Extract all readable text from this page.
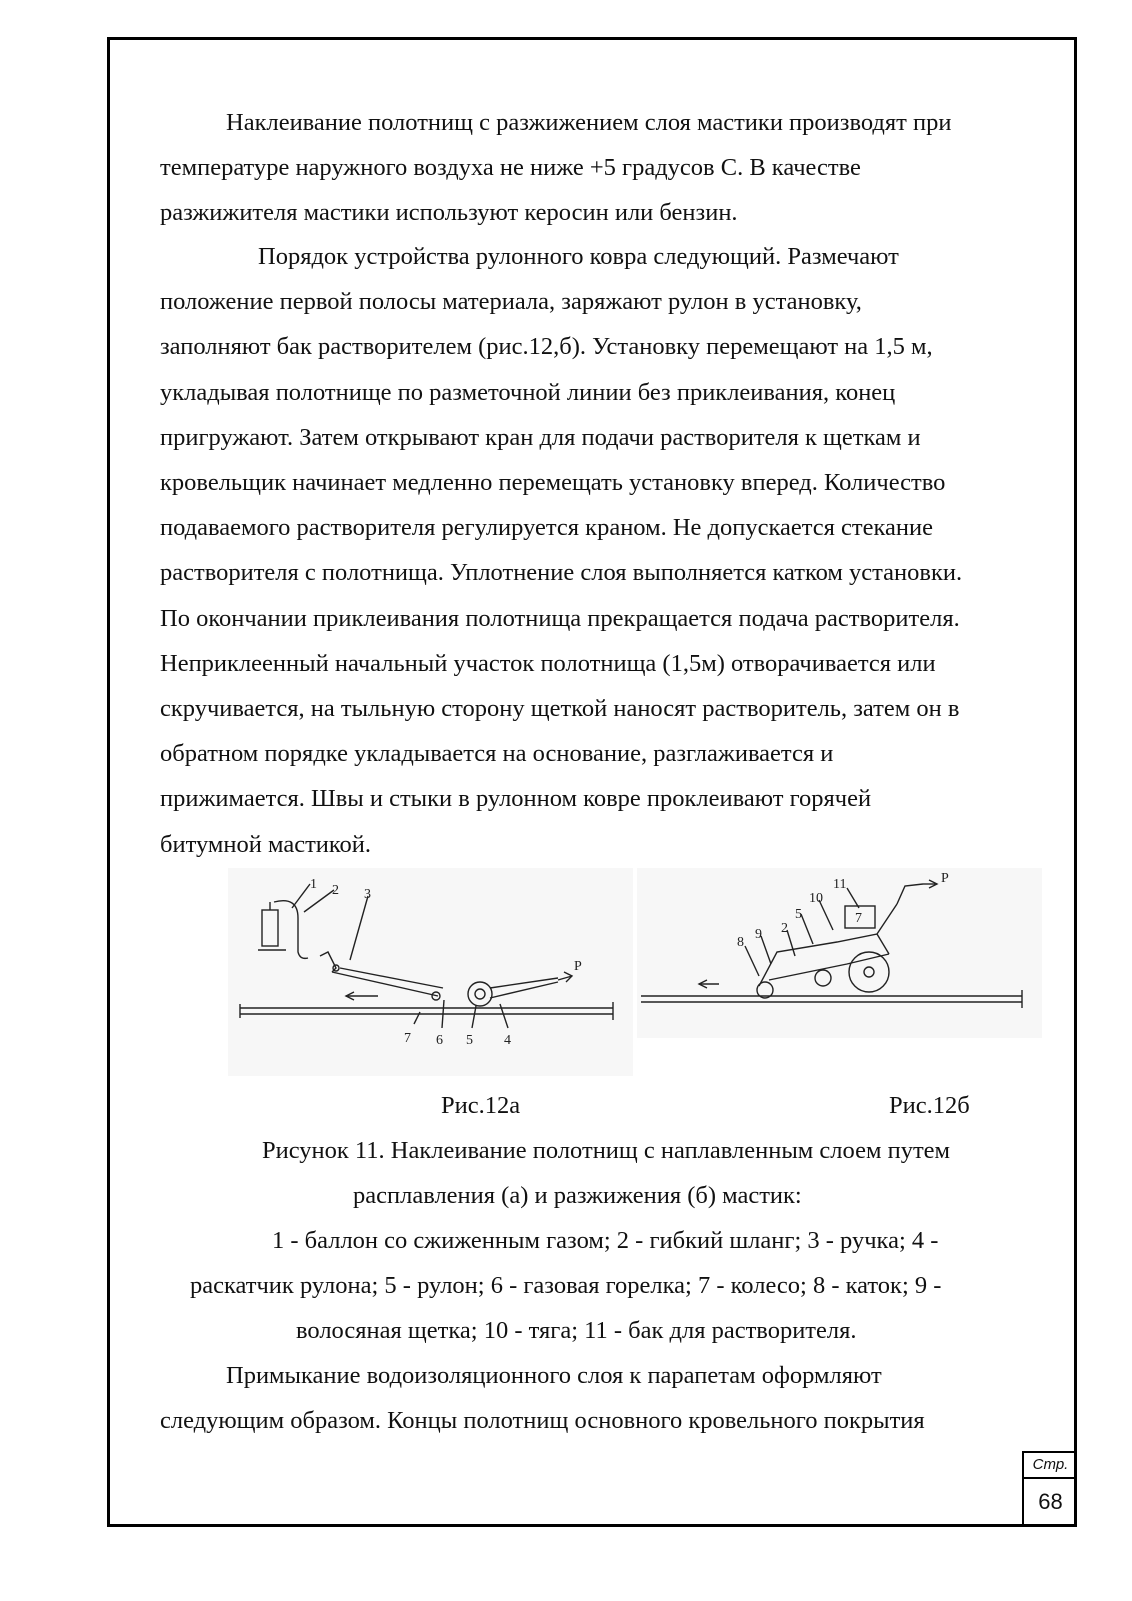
Наклеивание полотнищ с разжижением слоя мастики производят при
температуре наружного воздуха не ниже +5 градусов С. В качестве
разжижителя мастики используют керосин или бензин.
Порядок устройства рулонного ковра следующий. Размечают
положение первой полосы материала, заряжают рулон в установку,
заполняют бак растворителем (рис.12,б). Установку перемещают на 1,5 м,
укладывая полотнище по разметочной линии без приклеивания, конец
пригружают. Затем открывают кран для подачи растворителя к щеткам и
кровельщик начинает медленно перемещать установку вперед. Количество
подаваемого растворителя регулируется краном. Не допускается стекание
растворителя с полотнища. Уплотнение слоя выполняется катком установки.
По окончании приклеивания полотнища прекращается подача растворителя.
Неприклеенный начальный участок полотнища (1,5м) отворачивается или
скручивается, на тыльную сторону щеткой наносят растворитель, затем он в
обратном порядке укладывается на основание, разглаживается и
прижимается. Швы и стыки в рулонном ковре проклеивают горячей
битумной мастикой.
1 2 3
7 6 5 4
P
11
10
5
2
9
8
7
P
Рис.12а	Рис.12б
Рисунок 11. Наклеивание полотнищ с наплавленным слоем путем
расплавления (а) и разжижения (б) мастик:
1 - баллон со сжиженным газом; 2 - гибкий шланг; 3 - ручка; 4 -
раскатчик рулона; 5 - рулон; 6 - газовая горелка; 7 - колесо; 8 - каток; 9 -
волосяная щетка; 10 - тяга; 11 - бак для растворителя.
Примыкание водоизоляционного слоя к парапетам оформляют
следующим образом. Концы полотнищ основного кровельного покрытия
Стр.
68
